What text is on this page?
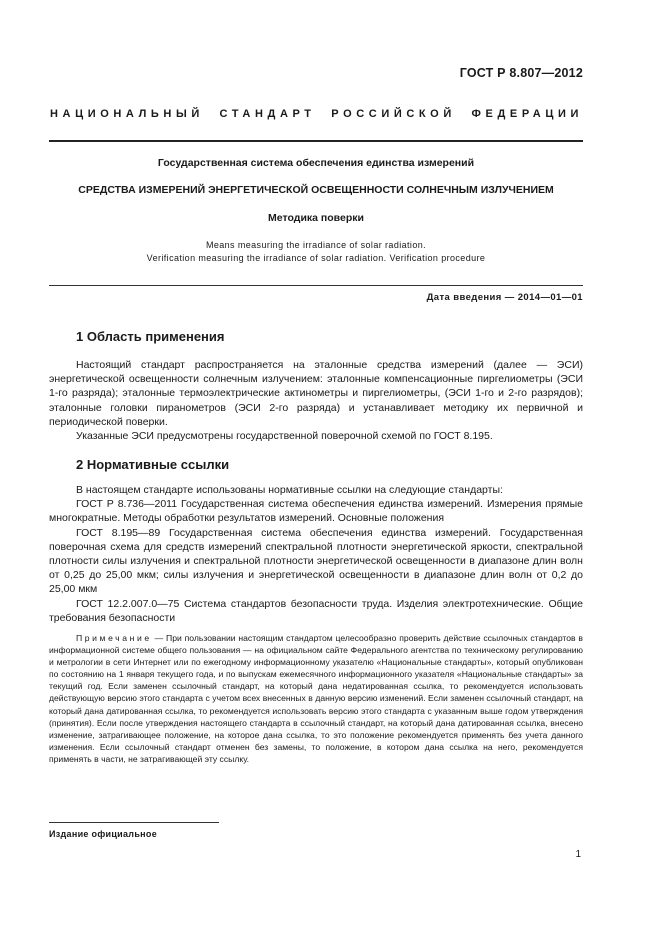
ГОСТ Р 8.807—2012
НАЦИОНАЛЬНЫЙ СТАНДАРТ РОССИЙСКОЙ ФЕДЕРАЦИИ
Государственная система обеспечения единства измерений
СРЕДСТВА ИЗМЕРЕНИЙ ЭНЕРГЕТИЧЕСКОЙ ОСВЕЩЕННОСТИ СОЛНЕЧНЫМ ИЗЛУЧЕНИЕМ
Методика поверки
Means measuring the irradiance of solar radiation.
Verification measuring the irradiance of solar radiation. Verification procedure
Дата введения — 2014—01—01
1 Область применения

Настоящий стандарт распространяется на эталонные средства измерений (далее — ЭСИ) энергетической освещенности солнечным излучением: эталонные компенсационные пиргелиометры (ЭСИ 1-го разряда); эталонные термоэлектрические актинометры и пиргелиометры, (ЭСИ 1-го и 2-го разрядов); эталонные головки пиранометров (ЭСИ 2-го разряда) и устанавливает методику их первичной и периодической поверки.

Указанные ЭСИ предусмотрены государственной поверочной схемой по ГОСТ 8.195.

2 Нормативные ссылки

В настоящем стандарте использованы нормативные ссылки на следующие стандарты:

ГОСТ Р 8.736—2011 Государственная система обеспечения единства измерений. Измерения прямые многократные. Методы обработки результатов измерений. Основные положения

ГОСТ 8.195—89 Государственная система обеспечения единства измерений. Государственная поверочная схема для средств измерений спектральной плотности энергетической яркости, спектральной плотности силы излучения и спектральной плотности энергетической освещенности в диапазоне длин волн от 0,25 до 25,00 мкм; силы излучения и энергетической освещенности в диапазоне длин волн от 0,2 до 25,00 мкм

ГОСТ 12.2.007.0—75 Система стандартов безопасности труда. Изделия электротехнические. Общие требования безопасности

Примечание — При пользовании настоящим стандартом целесообразно проверить действие ссылочных стандартов в информационной системе общего пользования — на официальном сайте Федерального агентства по техническому регулированию и метрологии в сети Интернет или по ежегодному информационному указателю «Национальные стандарты», который опубликован по состоянию на 1 января текущего года, и по выпускам ежемесячного информационного указателя «Национальные стандарты» за текущий год. Если заменен ссылочный стандарт, на который дана недатированная ссылка, то рекомендуется использовать действующую версию этого стандарта с учетом всех внесенных в данную версию изменений. Если заменен ссылочный стандарт, на который дана датированная ссылка, то рекомендуется использовать версию этого стандарта с указанным выше годом утверждения (принятия). Если после утверждения настоящего стандарта в ссылочный стандарт, на который дана датированная ссылка, внесено изменение, затрагивающее положение, на которое дана ссылка, то это положение рекомендуется применять без учета данного изменения. Если ссылочный стандарт отменен без замены, то положение, в котором дана ссылка на него, рекомендуется применять в части, не затрагивающей эту ссылку.

Издание официальное
1
